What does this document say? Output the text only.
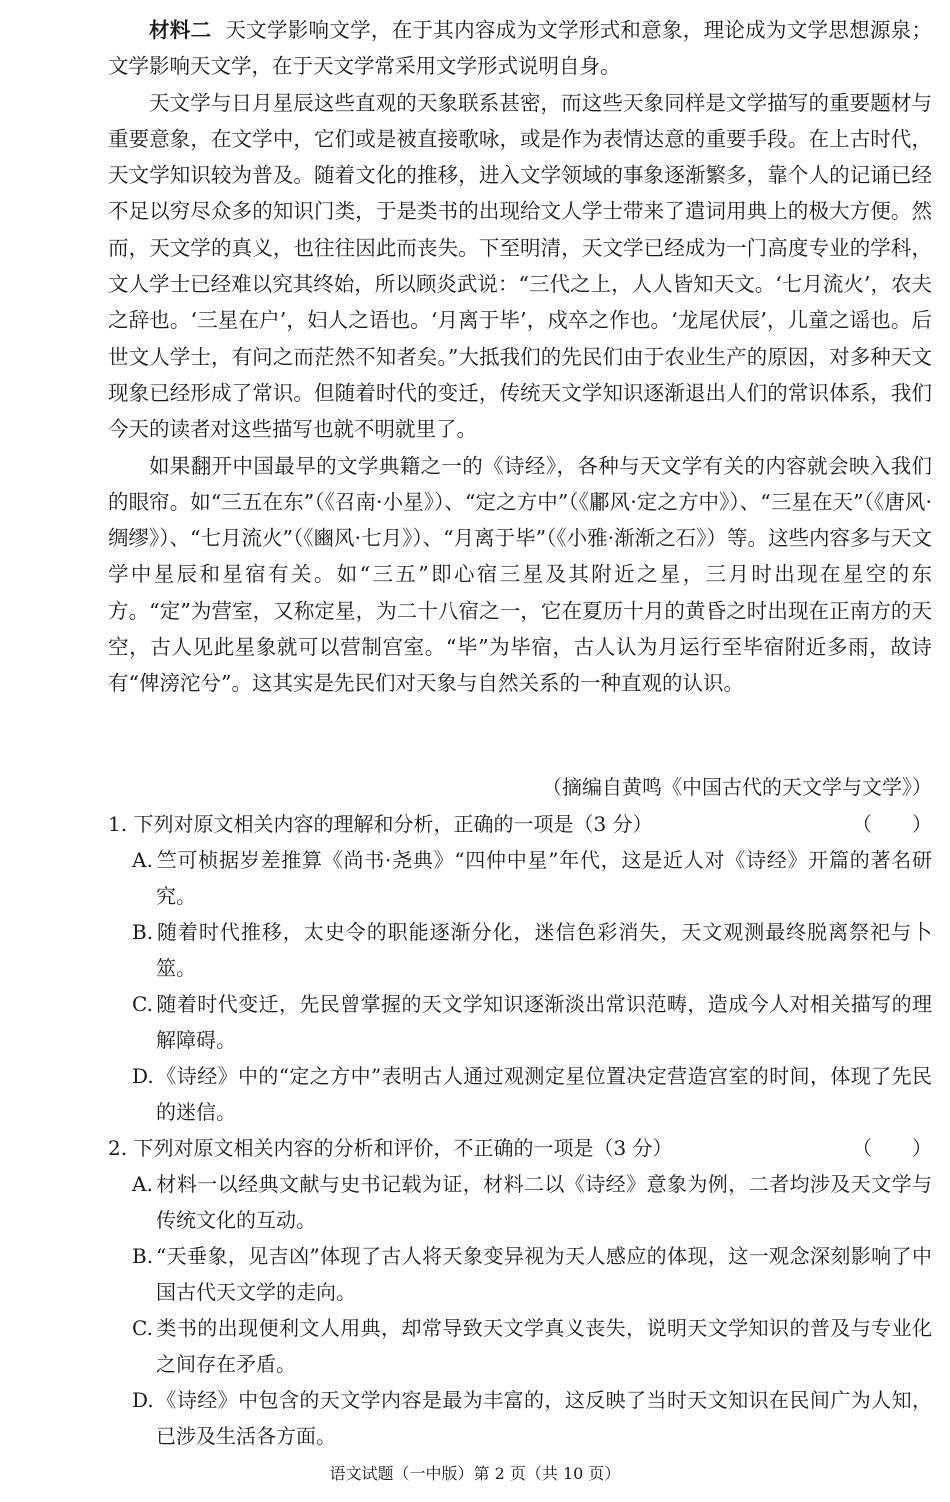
材料二 天文学影响文学，在于其内容成为文学形式和意象，理论成为文学思想源泉；文学影响天文学，在于天文学常采用文学形式说明自身。

天文学与日月星辰这些直观的天象联系甚密，而这些天象同样是文学描写的重要题材与重要意象，在文学中，它们或是被直接歌咏，或是作为表情达意的重要手段。在上古时代，天文学知识较为普及。随着文化的推移，进入文学领域的事象逐渐繁多，靠个人的记诵已经不足以穷尽众多的知识门类，于是类书的出现给文人学士带来了遣词用典上的极大方便。然而，天文学的真义，也往往因此而丧失。下至明清，天文学已经成为一门高度专业的学科，文人学士已经难以究其终始，所以顾炎武说：“三代之上，人人皆知天文。‘七月流火’，农夫之辞也。‘三星在户’，妇人之语也。‘月离于毕’，戍卒之作也。‘龙尾伏辰’，儿童之谣也。后世文人学士，有问之而茫然不知者矣。”大抵我们的先民们由于农业生产的原因，对多种天文现象已经形成了常识。但随着时代的变迁，传统天文学知识逐渐退出人们的常识体系，我们今天的读者对这些描写也就不明就里了。

如果翻开中国最早的文学典籍之一的《诗经》，各种与天文学有关的内容就会映入我们的眼帘。如“三五在东”（《召南·小星》）、“定之方中”（《鄘风·定之方中》）、“三星在天”（《唐风·绸缪》）、“七月流火”（《豳风·七月》）、“月离于毕”（《小雅·渐渐之石》）等。这些内容多与天文学中星辰和星宿有关。如“三五”即心宿三星及其附近之星，三月时出现在星空的东方。“定”为营室，又称定星，为二十八宿之一，它在夏历十月的黄昏之时出现在正南方的天空，古人见此星象就可以营制宫室。“毕”为毕宿，古人认为月运行至毕宿附近多雨，故诗有“俾滂沱兮”。这其实是先民们对天象与自然关系的一种直观的认识。

（摘编自黄鸣《中国古代的天文学与文学》）
1. 下列对原文相关内容的理解和分析，正确的一项是（3 分）	（　　）
A. 竺可桢据岁差推算《尚书·尧典》“四仲中星”年代，这是近人对《诗经》开篇的著名研究。
B. 随着时代推移，太史令的职能逐渐分化，迷信色彩消失，天文观测最终脱离祭祀与卜筮。
C. 随着时代变迁，先民曾掌握的天文学知识逐渐淡出常识范畴，造成今人对相关描写的理解障碍。
D. 《诗经》中的“定之方中”表明古人通过观测定星位置决定营造宫室的时间，体现了先民的迷信。
2. 下列对原文相关内容的分析和评价，不正确的一项是（3 分）	（　　）
A. 材料一以经典文献与史书记载为证，材料二以《诗经》意象为例，二者均涉及天文学与传统文化的互动。
B. “天垂象，见吉凶”体现了古人将天象变异视为天人感应的体现，这一观念深刻影响了中国古代天文学的走向。
C. 类书的出现便利文人用典，却常导致天文学真义丧失，说明天文学知识的普及与专业化之间存在矛盾。
D. 《诗经》中包含的天文学内容是最为丰富的，这反映了当时天文知识在民间广为人知，已涉及生活各方面。
语文试题（一中版）第 2 页（共 10 页）
